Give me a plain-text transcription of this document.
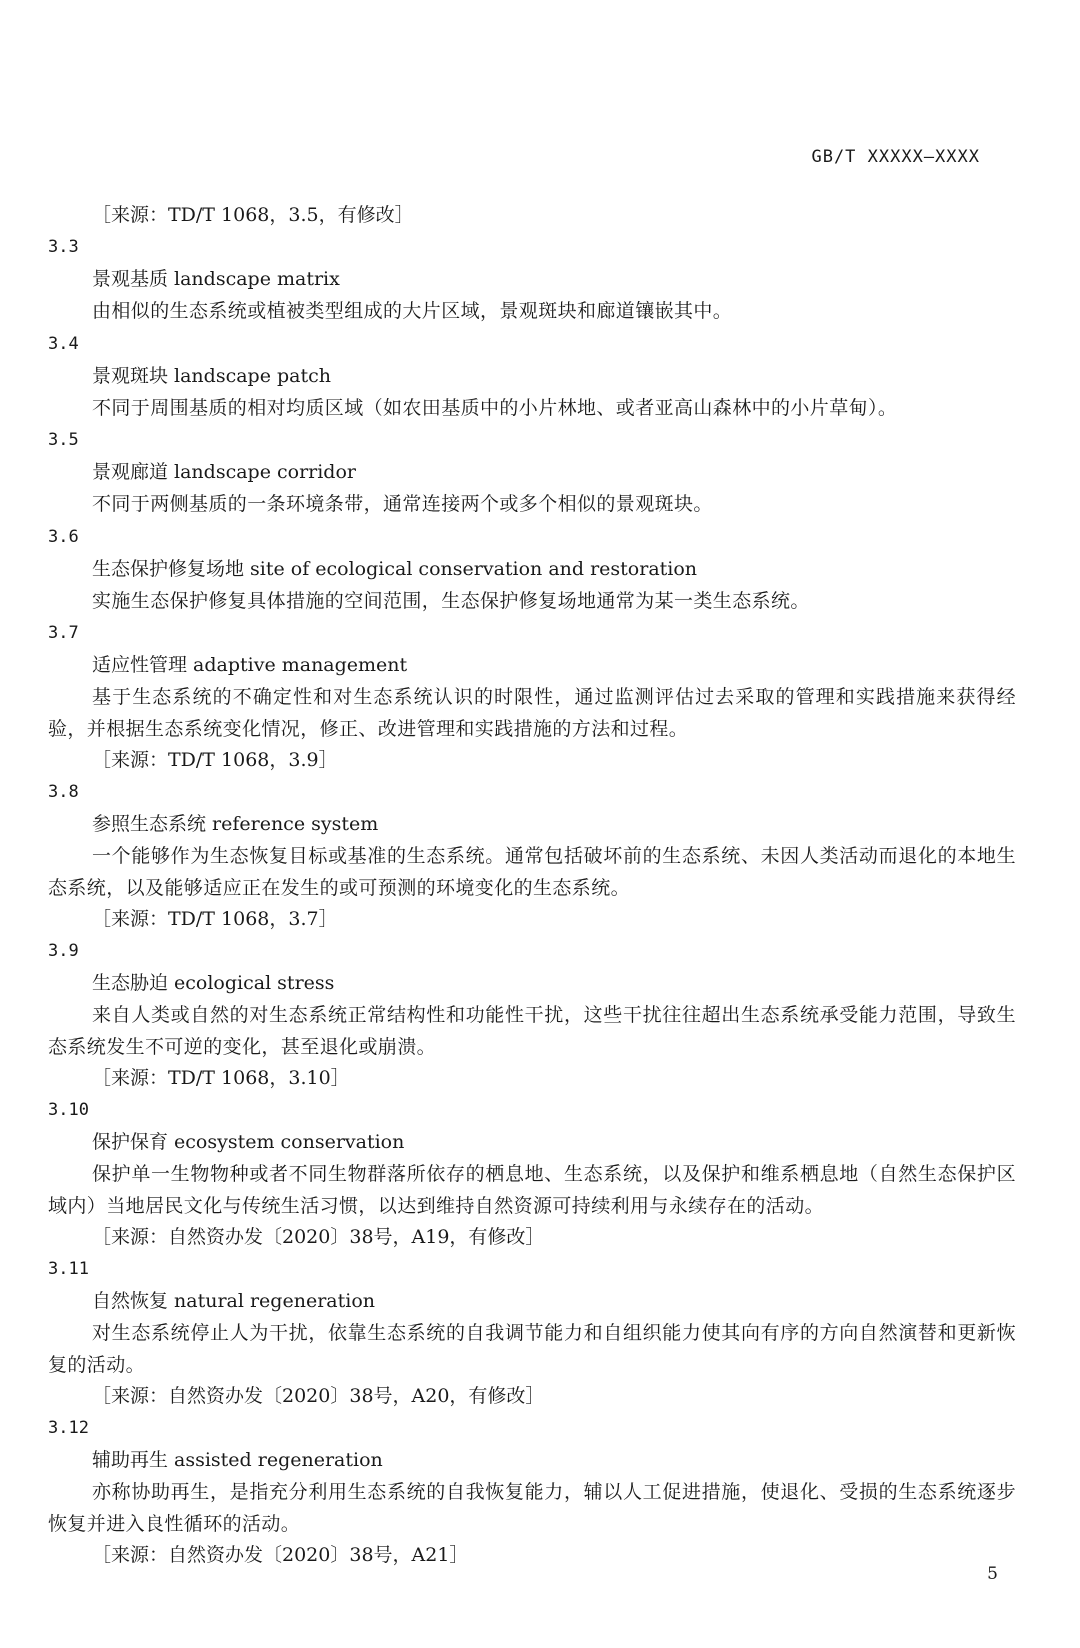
GB/T XXXXX—XXXX

［来源：TD/T 1068，3.5，有修改］

3.3

景观基质 landscape matrix

由相似的生态系统或植被类型组成的大片区域，景观斑块和廊道镶嵌其中。

3.4

景观斑块 landscape patch

不同于周围基质的相对均质区域（如农田基质中的小片林地、或者亚高山森林中的小片草甸）。

3.5

景观廊道 landscape corridor

不同于两侧基质的一条环境条带，通常连接两个或多个相似的景观斑块。

3.6

生态保护修复场地 site of ecological conservation and restoration

实施生态保护修复具体措施的空间范围，生态保护修复场地通常为某一类生态系统。

3.7

适应性管理 adaptive management

基于生态系统的不确定性和对生态系统认识的时限性，通过监测评估过去采取的管理和实践措施来获得经验，并根据生态系统变化情况，修正、改进管理和实践措施的方法和过程。

［来源：TD/T 1068，3.9］

3.8

参照生态系统 reference system

一个能够作为生态恢复目标或基准的生态系统。通常包括破坏前的生态系统、未因人类活动而退化的本地生态系统，以及能够适应正在发生的或可预测的环境变化的生态系统。

［来源：TD/T 1068，3.7］

3.9

生态胁迫 ecological stress

来自人类或自然的对生态系统正常结构性和功能性干扰，这些干扰往往超出生态系统承受能力范围，导致生态系统发生不可逆的变化，甚至退化或崩溃。

［来源：TD/T 1068，3.10］

3.10

保护保育 ecosystem conservation

保护单一生物物种或者不同生物群落所依存的栖息地、生态系统，以及保护和维系栖息地（自然生态保护区域内）当地居民文化与传统生活习惯，以达到维持自然资源可持续利用与永续存在的活动。

［来源：自然资办发〔2020〕38号，A19，有修改］

3.11

自然恢复 natural regeneration

对生态系统停止人为干扰，依靠生态系统的自我调节能力和自组织能力使其向有序的方向自然演替和更新恢复的活动。

［来源：自然资办发〔2020〕38号，A20，有修改］

3.12

辅助再生 assisted regeneration

亦称协助再生，是指充分利用生态系统的自我恢复能力，辅以人工促进措施，使退化、受损的生态系统逐步恢复并进入良性循环的活动。

［来源：自然资办发〔2020〕38号，A21］

5
